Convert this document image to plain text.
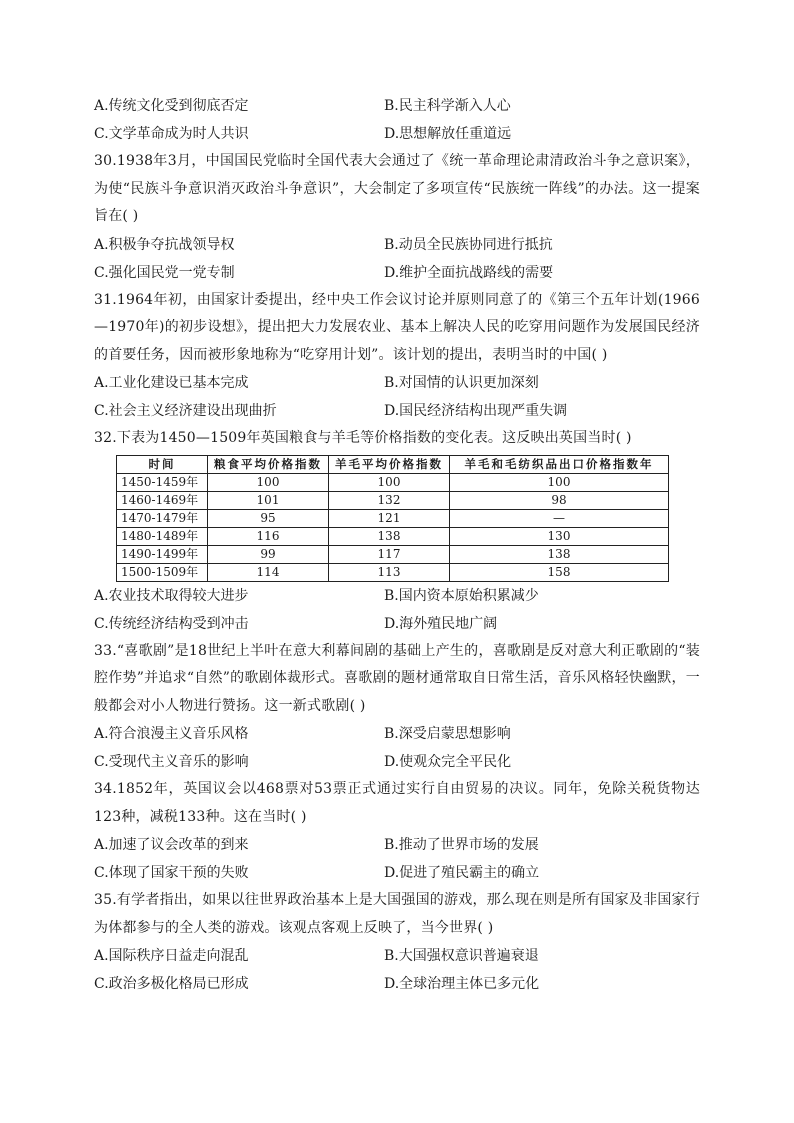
A.传统文化受到彻底否定	B.民主科学渐入人心
C.文学革命成为时人共识	D.思想解放任重道远

30.1938年3月，中国国民党临时全国代表大会通过了《统一革命理论肃清政治斗争之意识案》，为使“民族斗争意识消灭政治斗争意识”，大会制定了多项宣传“民族统一阵线”的办法。这一提案旨在( )

A.积极争夺抗战领导权	B.动员全民族协同进行抵抗
C.强化国民党一党专制	D.维护全面抗战路线的需要

31.1964年初，由国家计委提出，经中央工作会议讨论并原则同意了的《第三个五年计划(1966—1970年)的初步设想》，提出把大力发展农业、基本上解决人民的吃穿用问题作为发展国民经济的首要任务，因而被形象地称为“吃穿用计划”。该计划的提出，表明当时的中国( )

A.工业化建设已基本完成	B.对国情的认识更加深刻
C.社会主义经济建设出现曲折	D.国民经济结构出现严重失调

32.下表为1450—1509年英国粮食与羊毛等价格指数的变化表。这反映出英国当时( )

时间	粮食平均价格指数	羊毛平均价格指数	羊毛和毛纺织品出口价格指数年
1450-1459年	100	100	100
1460-1469年	101	132	98
1470-1479年	95	121	—
1480-1489年	116	138	130
1490-1499年	99	117	138
1500-1509年	114	113	158
A.农业技术取得较大进步	B.国内资本原始积累减少
C.传统经济结构受到冲击	D.海外殖民地广阔

33.“喜歌剧”是18世纪上半叶在意大利幕间剧的基础上产生的，喜歌剧是反对意大利正歌剧的“装腔作势”并追求“自然”的歌剧体裁形式。喜歌剧的题材通常取自日常生活，音乐风格轻快幽默，一般都会对小人物进行赞扬。这一新式歌剧( )

A.符合浪漫主义音乐风格	B.深受启蒙思想影响
C.受现代主义音乐的影响	D.使观众完全平民化

34.1852年，英国议会以468票对53票正式通过实行自由贸易的决议。同年，免除关税货物达123种，减税133种。这在当时( )

A.加速了议会改革的到来	B.推动了世界市场的发展
C.体现了国家干预的失败	D.促进了殖民霸主的确立

35.有学者指出，如果以往世界政治基本上是大国强国的游戏，那么现在则是所有国家及非国家行为体都参与的全人类的游戏。该观点客观上反映了，当今世界( )

A.国际秩序日益走向混乱	B.大国强权意识普遍衰退
C.政治多极化格局已形成	D.全球治理主体已多元化
